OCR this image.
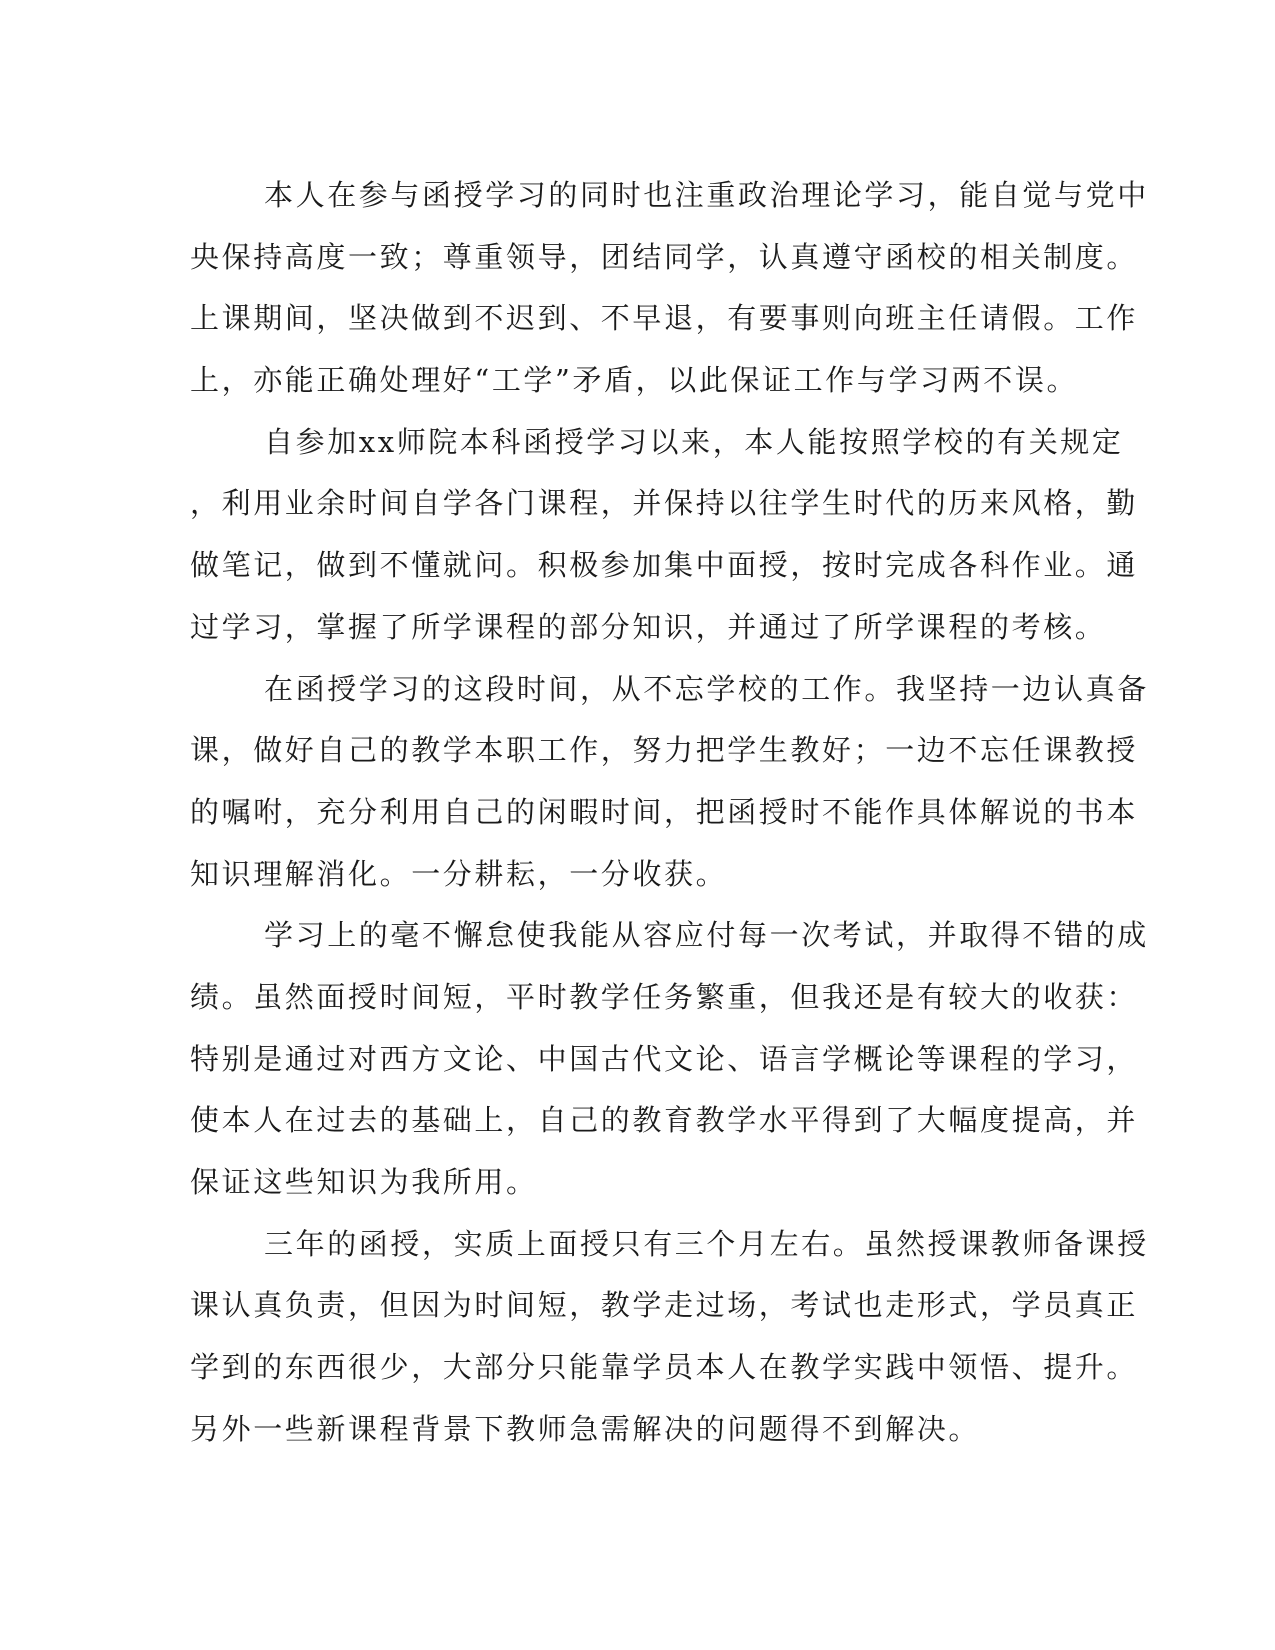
本人在参与函授学习的同时也注重政治理论学习，能自觉与党中
央保持高度一致；尊重领导，团结同学，认真遵守函校的相关制度。
上课期间，坚决做到不迟到、不早退，有要事则向班主任请假。工作
上，亦能正确处理好“工学”矛盾，以此保证工作与学习两不误。
自参加xx师院本科函授学习以来，本人能按照学校的有关规定
，利用业余时间自学各门课程，并保持以往学生时代的历来风格，勤
做笔记，做到不懂就问。积极参加集中面授，按时完成各科作业。通
过学习，掌握了所学课程的部分知识，并通过了所学课程的考核。
在函授学习的这段时间，从不忘学校的工作。我坚持一边认真备
课，做好自己的教学本职工作，努力把学生教好；一边不忘任课教授
的嘱咐，充分利用自己的闲暇时间，把函授时不能作具体解说的书本
知识理解消化。一分耕耘，一分收获。
学习上的毫不懈怠使我能从容应付每一次考试，并取得不错的成
绩。虽然面授时间短，平时教学任务繁重，但我还是有较大的收获：
特别是通过对西方文论、中国古代文论、语言学概论等课程的学习，
使本人在过去的基础上，自己的教育教学水平得到了大幅度提高，并
保证这些知识为我所用。
三年的函授，实质上面授只有三个月左右。虽然授课教师备课授
课认真负责，但因为时间短，教学走过场，考试也走形式，学员真正
学到的东西很少，大部分只能靠学员本人在教学实践中领悟、提升。
另外一些新课程背景下教师急需解决的问题得不到解决。
